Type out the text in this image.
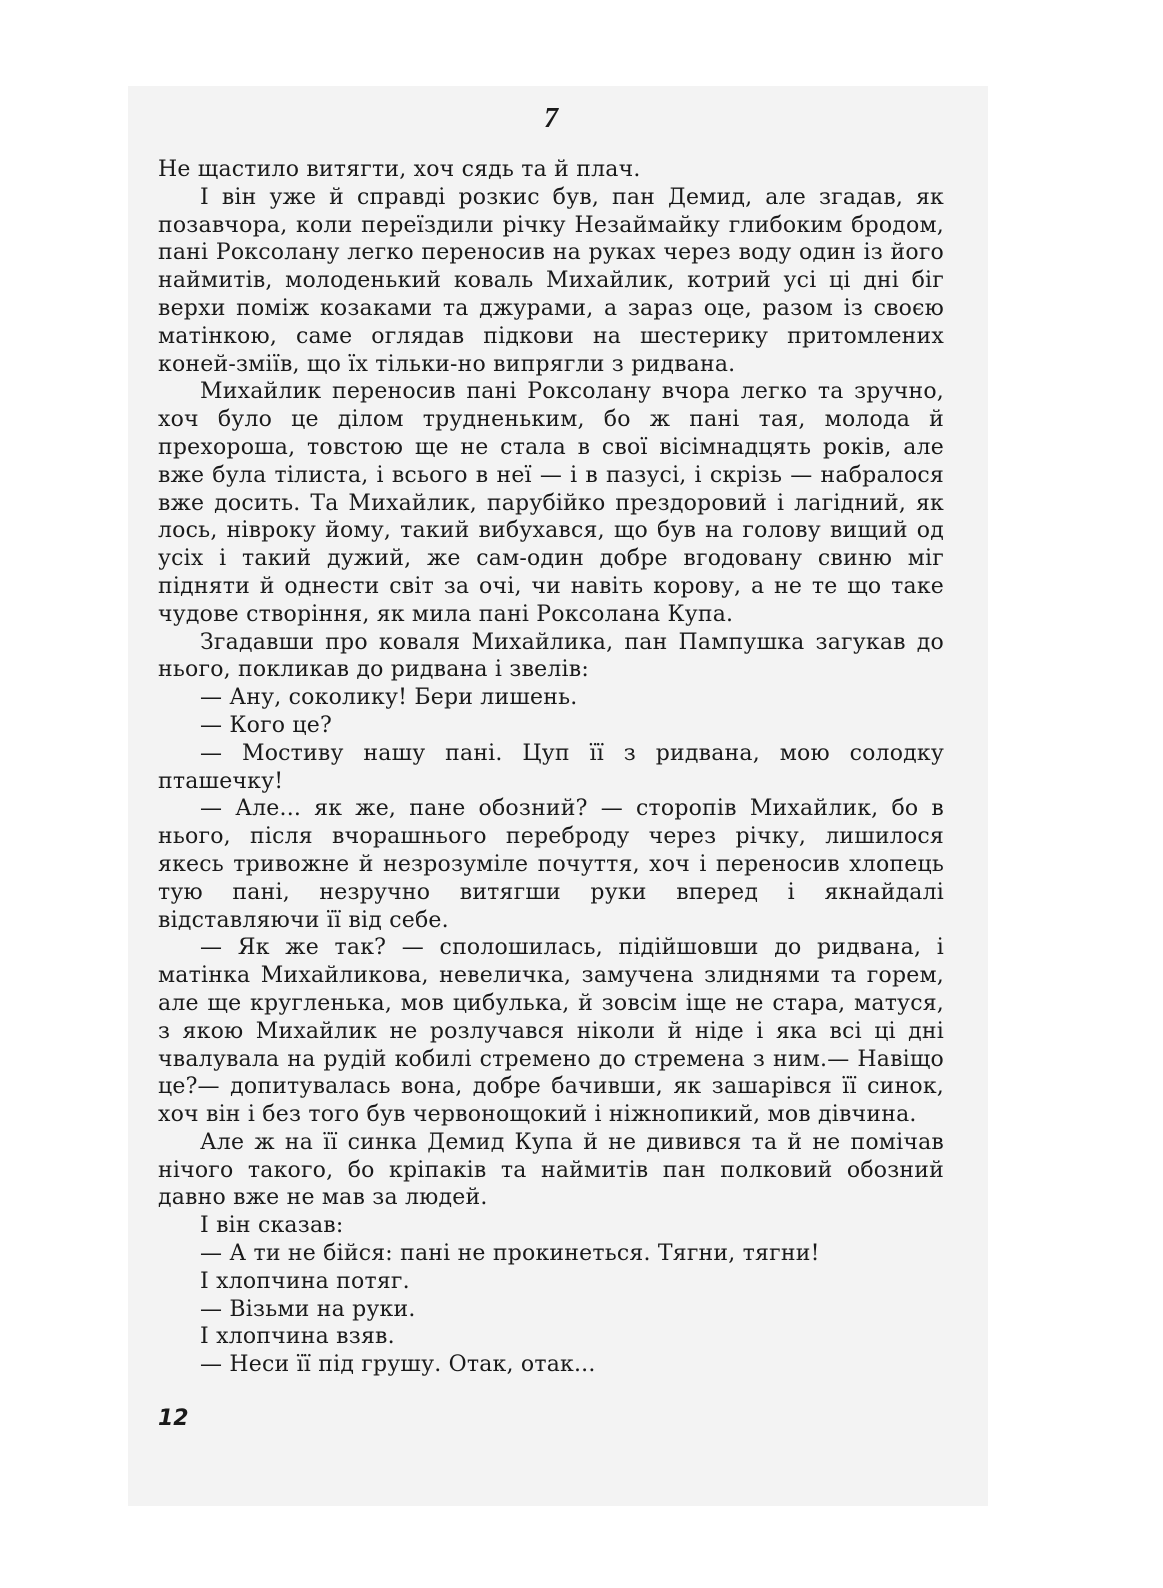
7

Не щастило витягти, хоч сядь та й плач.

І він уже й справді розкис був, пан Демид, але згадав, як позавчора, коли переїздили річку Незаймайку глибоким бродом, пані Роксолану легко переносив на руках через воду один із його наймитів, молоденький коваль Михайлик, котрий усі ці дні біг верхи поміж козаками та джурами, а зараз оце, разом із своєю матінкою, саме оглядав підкови на шестерику притомлених коней-зміїв, що їх тільки-но випрягли з ридвана.

Михайлик переносив пані Роксолану вчора легко та зручно, хоч було це ділом трудненьким, бо ж пані тая, молода й прехороша, товстою ще не стала в свої вісімнадцять років, але вже була тілиста, і всього в неї — і в пазусі, і скрізь — набралося вже досить. Та Михайлик, парубійко прездоровий і лагідний, як лось, нівроку йому, такий вибухався, що був на голову вищий од усіх і такий дужий, же сам-один добре вгодовану свиню міг підняти й однести світ за очі, чи навіть корову, а не те що таке чудове створіння, як мила пані Роксолана Купа.

Згадавши про коваля Михайлика, пан Пампушка загукав до нього, покликав до ридвана і звелів:

— Ану, соколику! Бери лишень.

— Кого це?

— Мостиву нашу пані. Цуп її з ридвана, мою солодку пташечку!

— Але... як же, пане обозний? — сторопів Михайлик, бо в нього, після вчорашнього переброду через річку, лишилося якесь тривожне й незрозуміле почуття, хоч і переносив хлопець тую пані, незручно витягши руки вперед і якнайдалі відставляючи її від себе.

— Як же так? — сполошилась, підійшовши до ридвана, і матінка Михайликова, невеличка, замучена злиднями та горем, але ще кругленька, мов цибулька, й зовсім іще не стара, матуся, з якою Михайлик не розлучався ніколи й ніде і яка всі ці дні чвалувала на рудій кобилі стремено до стремена з ним.— Навіщо це?— допитувалась вона, добре бачивши, як зашарівся її синок, хоч він і без того був червонощокий і ніжнопикий, мов дівчина.

Але ж на її синка Демид Купа й не дивився та й не помічав нічого такого, бо кріпаків та наймитів пан полковий обозний давно вже не мав за людей.

І він сказав:

— А ти не бійся: пані не прокинеться. Тягни, тягни!

І хлопчина потяг.

— Візьми на руки.

І хлопчина взяв.

— Неси її під грушу. Отак, отак...

12
